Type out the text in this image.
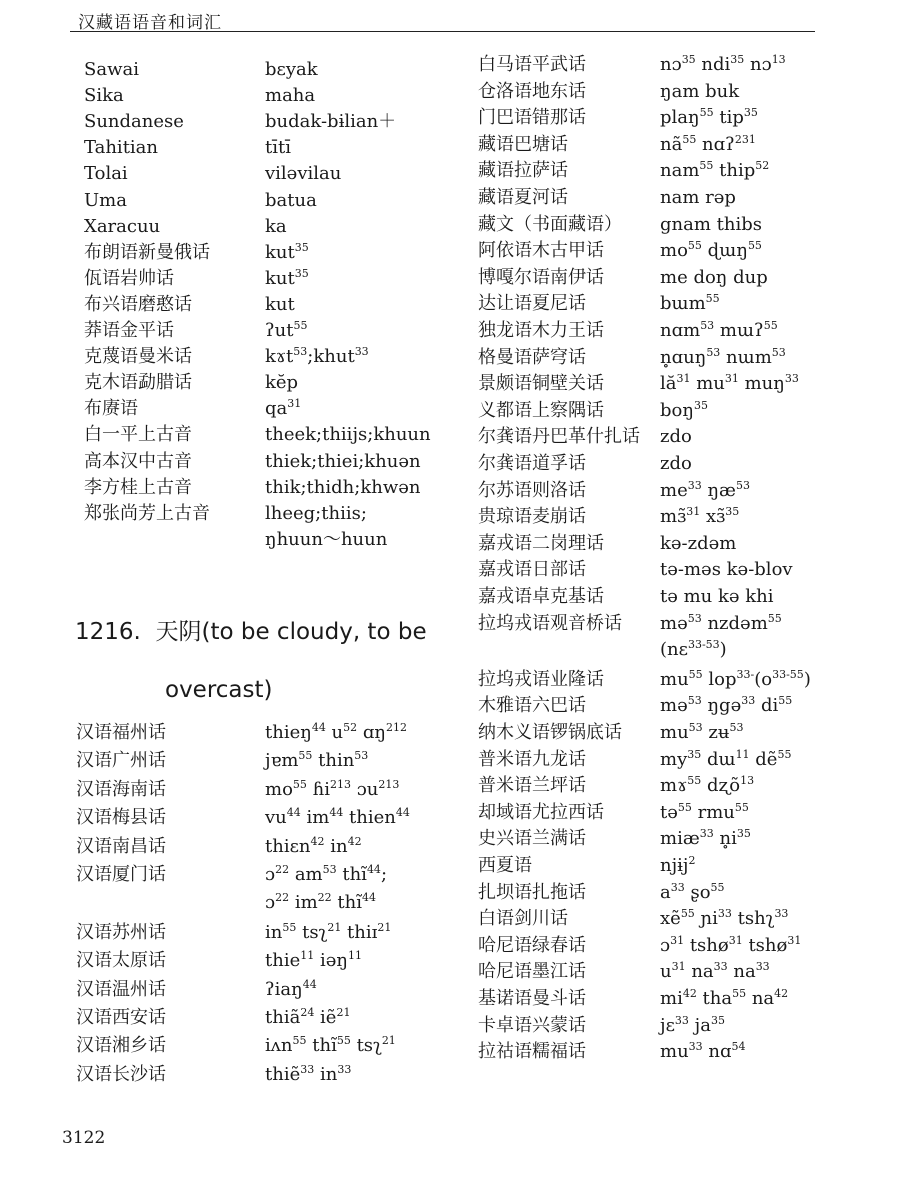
汉藏语语音和词汇
Sawai	bɛyak
Sika	maha
Sundanese	budak-bɨlian＋
Tahitian	tītī
Tolai	viləvilau
Uma	batua
Xaracuu	ka
布朗语新曼俄话	kut$^{35}$
佤语岩帅话	kut$^{35}$
布兴语磨憨话	kut
莽语金平话	ʔut$^{55}$
克蔑语曼米话	kɤt$^{53}$;khut$^{33}$
克木语勐腊话	kĕp
布赓语	$qa^{31}$
白一平上古音	theek;thiijs;khuun
高本汉中古音	thiek;thiei;khuən
李方桂上古音	thik;thidh;khwən
郑张尚芳上古音	lheeg;thiis;
ŋhuun～huun
1216. 天阴(to be cloudy, to be
overcast)
汉语福州话	thieŋ$^{44}$ $u^{52}$ ɑŋ$^{212}$
汉语广州话	jɐm$^{55}$ thin$^{53}$
汉语海南话	$mo^{55}$ ɦi$^{213}$ ɔu$^{213}$
汉语梅县话	$vu^{44}$ $im^{44}$ thien$^{44}$
汉语南昌话	thiɛn$^{42}$ $in^{42}$
汉语厦门话	ɔ$^{22}$ $am^{53}$ thĩ$^{44}$;
ɔ$^{22}$ $im^{22}$ thĩ$^{44}$
汉语苏州话	$in^{55}$ tsʅ$^{21}$ thiɪ$^{21}$
汉语太原话	thie$^{11}$ iəŋ$^{11}$
汉语温州话	ʔiaŋ$^{44}$
汉语西安话	thiã$^{24}$ iẽ$^{21}$
汉语湘乡话	iʌn$^{55}$ thĩ$^{55}$ tsʅ$^{21}$
汉语长沙话	thiẽ$^{33}$ $in^{33}$
白马语平武话	nɔ$^{35}$ ndi$^{35}$ nɔ$^{13}$
仓洛语地东话	ŋam buk
门巴语错那话	plaŋ$^{55}$ tip$^{35}$
藏语巴塘话	$nã^{55}$ nɑʔ$^{231}$
藏语拉萨话	nam$^{55}$ thip$^{52}$
藏语夏河话	nam rəp
藏文（书面藏语） gnam thibs
阿依语木古甲话	$mo^{55}$ ɖɯŋ$^{55}$
博嘎尔语南伊话	me doŋ dup
达让语夏尼话	bɯm$^{55}$
独龙语木力王话	nɑm$^{53}$ mɯʔ$^{55}$
格曼语萨穹话	n̥ɑuŋ$^{53}$ nɯm$^{53}$
景颇语铜壁关话	$lă^{31}$ $mu^{31}$ muŋ$^{33}$
义都语上察隅话	boŋ$^{35}$
尔龚语丹巴革什扎话 zdo
尔龚语道孚话	zdo
尔苏语则洛话	$me^{33}$ $ŋæ^{53}$
贵琼语麦崩话	mɜ̃$^{31}$ xɜ̃$^{35}$
嘉戎语二岗理话	kə-zdəm
嘉戎语日部话	tə-məs kə-blov
嘉戎语卓克基话	tə mu kə khi
拉坞戎语观音桥话 mə$^{53}$ nzdəm$^{55}$
(nɛ$^{33-53}$)
拉坞戎语业隆话	$mu^{55}$ $lop^{33-}(o^{33-55})$
木雅语六巴话	mə$^{53}$ ŋgə$^{33}$ $di^{55}$
纳木义语锣锅底话 $mu^{53}$ zʉ$^{53}$
普米语九龙话	$my^{35}$ dɯ$^{11}$ dẽ$^{55}$
普米语兰坪话	mɤ$^{55}$ dʐõ$^{13}$
却域语尤拉西话	tə$^{55}$ rmu$^{55}$
史兴语兰满话	miæ$^{33}$ $n̥i^{35}$
西夏语	njɨj$^2$
扎坝语扎拖话	$a^{33}$ ʂo$^{55}$
白语剑川话	xẽ$^{55}$ ɲi$^{33}$ tshʅ$^{33}$
哈尼语绿春话	ɔ$^{31}$ tshø$^{31}$ tshø$^{31}$
哈尼语墨江话	$u^{31}$ $na^{33}$ $na^{33}$
基诺语曼斗话	$mi^{42}$ tha$^{55}$ $na^{42}$
卡卓语兴蒙话	jɛ$^{33}$ $ja^{35}$
拉祜语糯福话	$mu^{33}$ nɑ$^{54}$
3122
